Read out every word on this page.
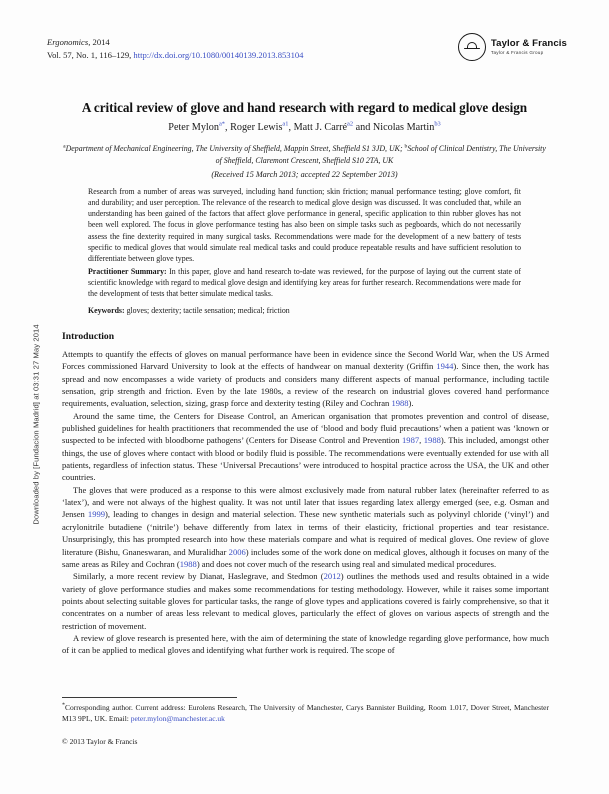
Downloaded by [Fundacion Madrid] at 03:31 27 May 2014
Ergonomics, 2014
Vol. 57, No. 1, 116–129, http://dx.doi.org/10.1080/00140139.2013.853104
Taylor & Francis
Taylor & Francis Group
A critical review of glove and hand research with regard to medical glove design
Peter Mylon$^{a*}$, Roger Lewis$^{a1}$, Matt J. Carré$^{a2}$ and Nicolas Martin$^{b3}$
$^a$Department of Mechanical Engineering, The University of Sheffield, Mappin Street, Sheffield S1 3JD, UK; $^b$School of Clinical Dentistry, The University of Sheffield, Claremont Crescent, Sheffield S10 2TA, UK
(Received 15 March 2013; accepted 22 September 2013)

Research from a number of areas was surveyed, including hand function; skin friction; manual performance testing; glove comfort, fit and durability; and user perception. The relevance of the research to medical glove design was discussed. It was concluded that, while an understanding has been gained of the factors that affect glove performance in general, specific application to thin rubber gloves has not been well explored. The focus in glove performance testing has also been on simple tasks such as pegboards, which do not necessarily assess the fine dexterity required in many surgical tasks. Recommendations were made for the development of a new battery of tests specific to medical gloves that would simulate real medical tasks and could produce repeatable results and have sufficient resolution to differentiate between glove types.

Practitioner Summary: In this paper, glove and hand research to-date was reviewed, for the purpose of laying out the current state of scientific knowledge with regard to medical glove design and identifying key areas for further research. Recommendations were made for the development of tests that better simulate medical tasks.
Keywords: gloves; dexterity; tactile sensation; medical; friction
Introduction

Attempts to quantify the effects of gloves on manual performance have been in evidence since the Second World War, when the US Armed Forces commissioned Harvard University to look at the effects of handwear on manual dexterity (Griffin 1944). Since then, the work has spread and now encompasses a wide variety of products and considers many different aspects of manual performance, including tactile sensation, grip strength and friction. Even by the late 1980s, a review of the research on industrial gloves covered hand performance requirements, evaluation, selection, sizing, grasp force and dexterity testing (Riley and Cochran 1988).

Around the same time, the Centers for Disease Control, an American organisation that promotes prevention and control of disease, published guidelines for health practitioners that recommended the use of ‘blood and body fluid precautions’ when a patient was ‘known or suspected to be infected with bloodborne pathogens’ (Centers for Disease Control and Prevention 1987, 1988). This included, amongst other things, the use of gloves where contact with blood or bodily fluid is possible. The recommendations were eventually extended for use with all patients, regardless of infection status. These ‘Universal Precautions’ were introduced to hospital practice across the USA, the UK and other countries.

The gloves that were produced as a response to this were almost exclusively made from natural rubber latex (hereinafter referred to as ‘latex’), and were not always of the highest quality. It was not until later that issues regarding latex allergy emerged (see, e.g. Osman and Jensen 1999), leading to changes in design and material selection. These new synthetic materials such as polyvinyl chloride (‘vinyl’) and acrylonitrile butadiene (‘nitrile’) behave differently from latex in terms of their elasticity, frictional properties and tear resistance. Unsurprisingly, this has prompted research into how these materials compare and what is required of medical gloves. One review of glove literature (Bishu, Gnaneswaran, and Muralidhar 2006) includes some of the work done on medical gloves, although it focuses on many of the same areas as Riley and Cochran (1988) and does not cover much of the research using real and simulated medical procedures.

Similarly, a more recent review by Dianat, Haslegrave, and Stedmon (2012) outlines the methods used and results obtained in a wide variety of glove performance studies and makes some recommendations for testing methodology. However, while it raises some important points about selecting suitable gloves for particular tasks, the range of glove types and applications covered is fairly comprehensive, so that it concentrates on a number of areas less relevant to medical gloves, particularly the effect of gloves on various aspects of strength and the restriction of movement.

A review of glove research is presented here, with the aim of determining the state of knowledge regarding glove performance, how much of it can be applied to medical gloves and identifying what further work is required. The scope of

*Corresponding author. Current address: Eurolens Research, The University of Manchester, Carys Bannister Building, Room 1.017, Dover Street, Manchester M13 9PL, UK. Email: peter.mylon@manchester.ac.uk
© 2013 Taylor & Francis
